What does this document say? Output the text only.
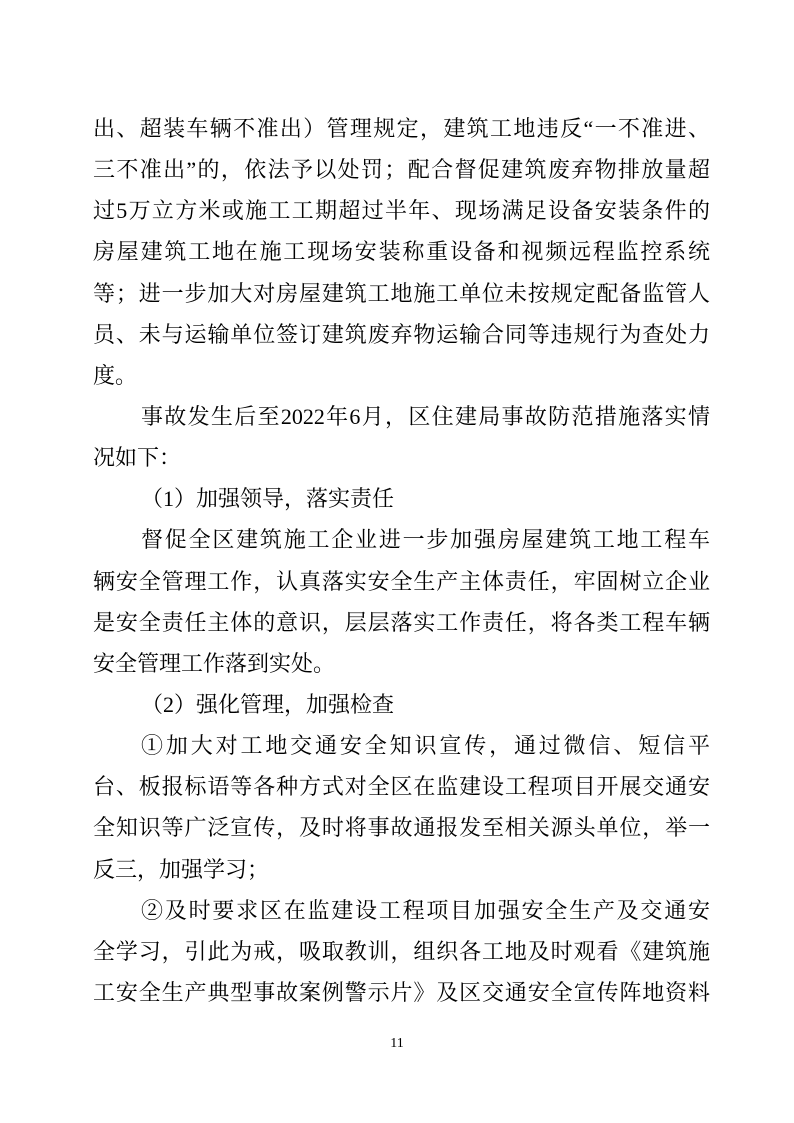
出、超装车辆不准出）管理规定，建筑工地违反“一不准进、
三不准出”的，依法予以处罚；配合督促建筑废弃物排放量超
过5万立方米或施工工期超过半年、现场满足设备安装条件的
房屋建筑工地在施工现场安装称重设备和视频远程监控系统
等；进一步加大对房屋建筑工地施工单位未按规定配备监管人
员、未与运输单位签订建筑废弃物运输合同等违规行为查处力
度。
事故发生后至2022年6月，区住建局事故防范措施落实情
况如下：
（1）加强领导，落实责任
督促全区建筑施工企业进一步加强房屋建筑工地工程车
辆安全管理工作，认真落实安全生产主体责任，牢固树立企业
是安全责任主体的意识，层层落实工作责任，将各类工程车辆
安全管理工作落到实处。
（2）强化管理，加强检查
①加大对工地交通安全知识宣传，通过微信、短信平
台、板报标语等各种方式对全区在监建设工程项目开展交通安
全知识等广泛宣传，及时将事故通报发至相关源头单位，举一
反三，加强学习；
②及时要求区在监建设工程项目加强安全生产及交通安
全学习，引此为戒，吸取教训，组织各工地及时观看《建筑施
工安全生产典型事故案例警示片》及区交通安全宣传阵地资料
11
